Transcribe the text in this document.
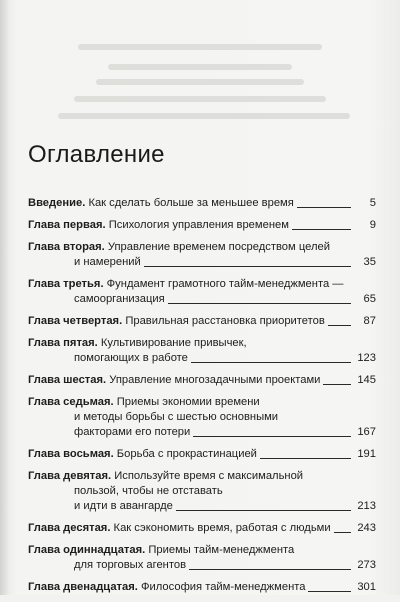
Оглавление
Введение. Как сделать больше за меньшее время	5
Глава первая. Психология управления временем	9
Глава вторая. Управление временем посредством целей
и намерений	35
Глава третья. Фундамент грамотного тайм-менеджмента —
самоорганизация	65
Глава четвертая. Правильная расстановка приоритетов	87
Глава пятая. Культивирование привычек,
помогающих в работе	123
Глава шестая. Управление многозадачными проектами	145
Глава седьмая. Приемы экономии времени
и методы борьбы с шестью основными
факторами его потери	167
Глава восьмая. Борьба с прокрастинацией	191
Глава девятая. Используйте время с максимальной
пользой, чтобы не отставать
и идти в авангарде	213
Глава десятая. Как сэкономить время, работая с людьми 243
Глава одиннадцатая. Приемы тайм-менеджмента
для торговых агентов	273
Глава двенадцатая. Философия тайм-менеджмента	301
